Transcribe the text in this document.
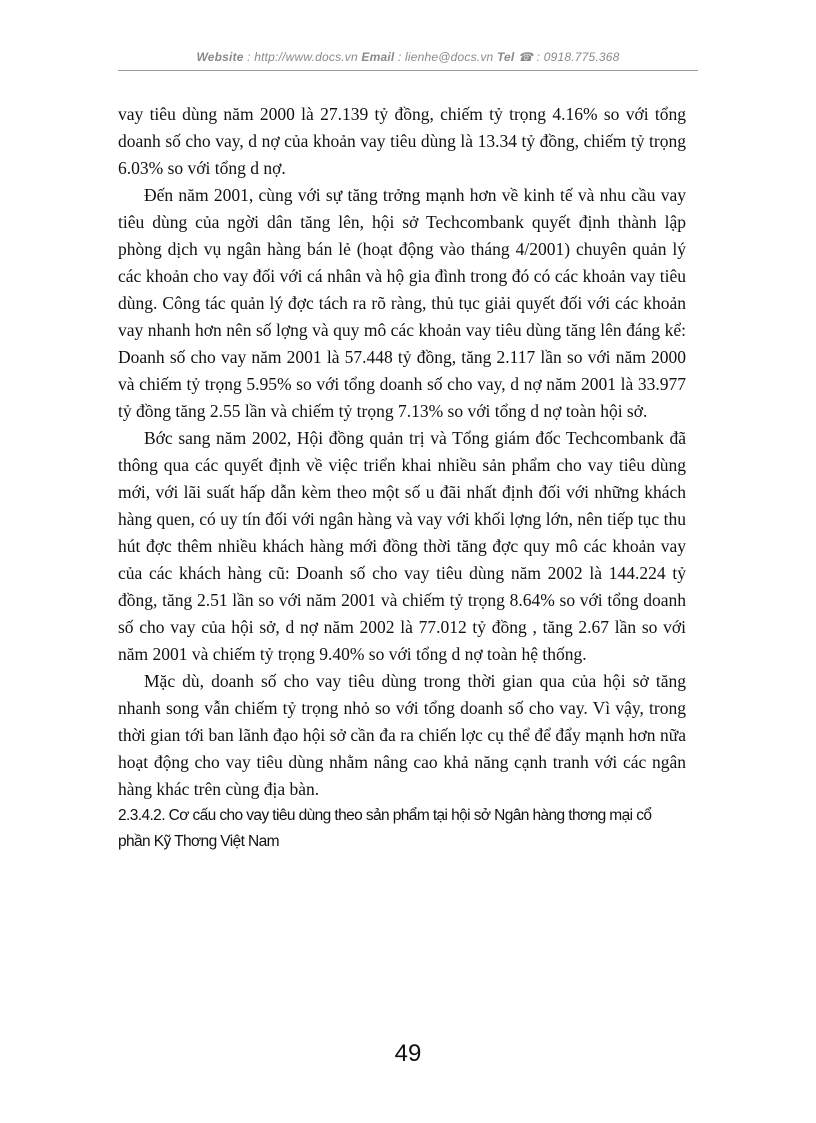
Website : http://www.docs.vn Email : lienhe@docs.vn Tel ☎ : 0918.775.368

vay tiêu dùng năm 2000 là 27.139 tỷ đồng, chiếm tỷ trọng 4.16% so với tổng doanh số cho vay, d nợ của khoản vay tiêu dùng là 13.34 tỷ đồng, chiếm tỷ trọng 6.03% so với tổng d nợ.

Đến năm 2001, cùng với sự tăng trởng mạnh hơn về kinh tế và nhu cầu vay tiêu dùng của ngời dân tăng lên, hội sở Techcombank quyết định thành lập phòng dịch vụ ngân hàng bán lẻ (hoạt động vào tháng 4/2001) chuyên quản lý các khoản cho vay đối với cá nhân và hộ gia đình trong đó có các khoản vay tiêu dùng. Công tác quản lý đợc tách ra rõ ràng, thủ tục giải quyết đối với các khoản vay nhanh hơn nên số lợng và quy mô các khoản vay tiêu dùng tăng lên đáng kể: Doanh số cho vay năm 2001 là 57.448 tỷ đồng, tăng 2.117 lần so với năm 2000 và chiếm tỷ trọng 5.95% so với tổng doanh số cho vay, d nợ năm 2001 là 33.977 tỷ đồng tăng 2.55 lần và chiếm tỷ trọng 7.13% so với tổng d nợ toàn hội sở.

Bớc sang năm 2002, Hội đồng quản trị và Tổng giám đốc Techcombank đã thông qua các quyết định về việc triển khai nhiều sản phẩm cho vay tiêu dùng mới, với lãi suất hấp dẫn kèm theo một số u đãi nhất định đối với những khách hàng quen, có uy tín đối với ngân hàng và vay với khối lợng lớn, nên tiếp tục thu hút đợc thêm nhiều khách hàng mới đồng thời tăng đợc quy mô các khoản vay của các khách hàng cũ: Doanh số cho vay tiêu dùng năm 2002 là 144.224 tỷ đồng, tăng 2.51 lần so với năm 2001 và chiếm tỷ trọng 8.64% so với tổng doanh số cho vay của hội sở, d nợ năm 2002 là 77.012 tỷ đồng , tăng 2.67 lần so với năm 2001 và chiếm tỷ trọng 9.40% so với tổng d nợ toàn hệ thống.

Mặc dù, doanh số cho vay tiêu dùng trong thời gian qua của hội sở tăng nhanh song vẫn chiếm tỷ trọng nhỏ so với tổng doanh số cho vay. Vì vậy, trong thời gian tới ban lãnh đạo hội sở cần đa ra chiến lợc cụ thể để đẩy mạnh hơn nữa hoạt động cho vay tiêu dùng nhằm nâng cao khả năng cạnh tranh với các ngân hàng khác trên cùng địa bàn.

2.3.4.2. Cơ cấu cho vay tiêu dùng theo sản phẩm tại hội sở Ngân hàng thơng mại cổ phần Kỹ Thơng Việt Nam

49
